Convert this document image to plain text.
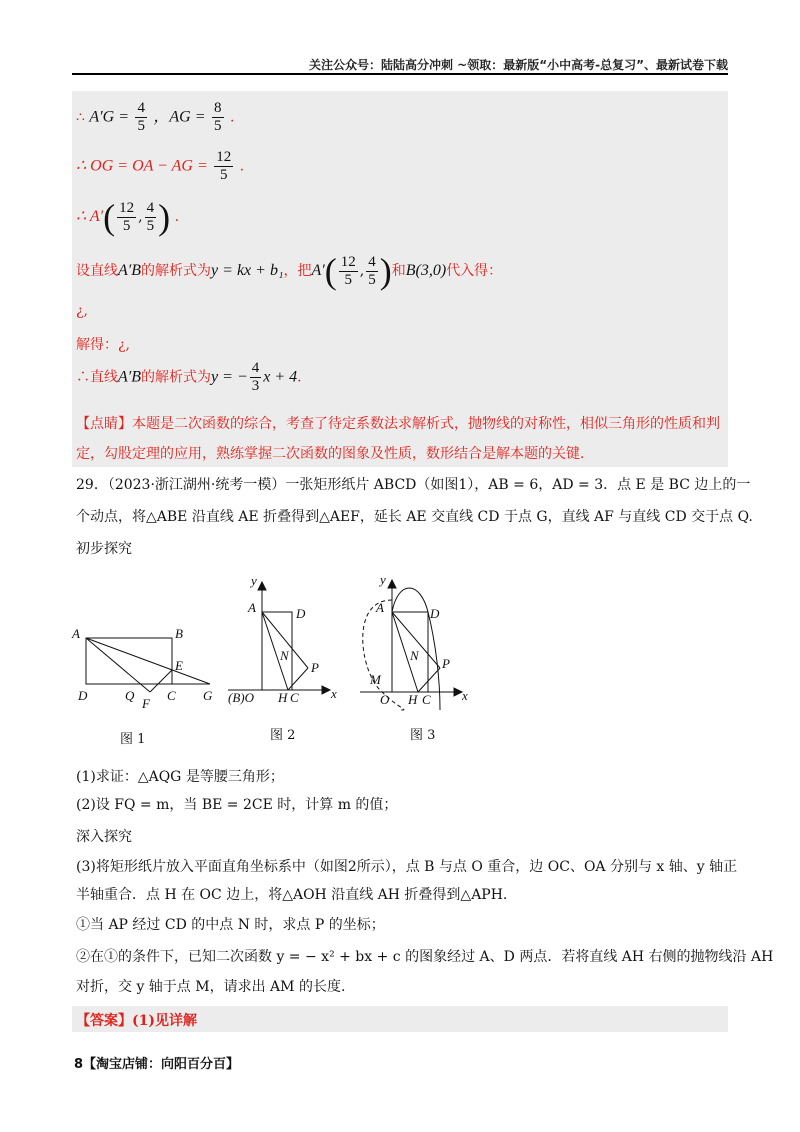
关注公众号：陆陆高分冲刺 ~领取：最新版“小中高考-总复习”、最新试卷下载
∴ $A'G = \frac{4}{5}$ ，AG = $\frac{8}{5}$ .
∴ OG = OA − AG = $\frac{12}{5}$ .
∴ $A'( \frac{12}{5}$ , $\frac{4}{5}$ ) .
设直线A′B的解析式为y = kx + b₁，把$A'( \frac{12}{5}$ , $\frac{4}{5}$ )和B(3,0)代入得：
¿,
解得：¿,
∴直线A′B的解析式为y = − $\frac{4}{3}$ x + 4.
【点睛】本题是二次函数的综合，考查了待定系数法求解析式，抛物线的对称性，相似三角形的性质和判
定，勾股定理的应用，熟练掌握二次函数的图象及性质，数形结合是解本题的关键.
29．（2023·浙江湖州·统考一模）一张矩形纸片 ABCD（如图1），AB = 6，AD = 3．点 E 是 BC 边上的一
个动点，将△ABE 沿直线 AE 折叠得到△AEF，延长 AE 交直线 CD 于点 G，直线 AF 与直线 CD 交于点 Q.
初步探究
A	B
E
D	Q	C G
F
y
A	D
N
P
(B)O H C x
y
A	D
N
P
M
O H C x
图 1	图 2	图 3
(1)求证：△AQG 是等腰三角形；
(2)设 FQ = m，当 BE = 2CE 时，计算 m 的值；
深入探究
(3)将矩形纸片放入平面直角坐标系中（如图2所示），点 B 与点 O 重合，边 OC、OA 分别与 x 轴、y 轴正
半轴重合．点 H 在 OC 边上，将△AOH 沿直线 AH 折叠得到△APH.
①当 AP 经过 CD 的中点 N 时，求点 P 的坐标；
②在①的条件下，已知二次函数 y = − x² + bx + c 的图象经过 A、D 两点．若将直线 AH 右侧的抛物线沿 AH
对折，交 y 轴于点 M，请求出 AM 的长度.
【答案】(1)见详解
8【淘宝店铺：向阳百分百】
